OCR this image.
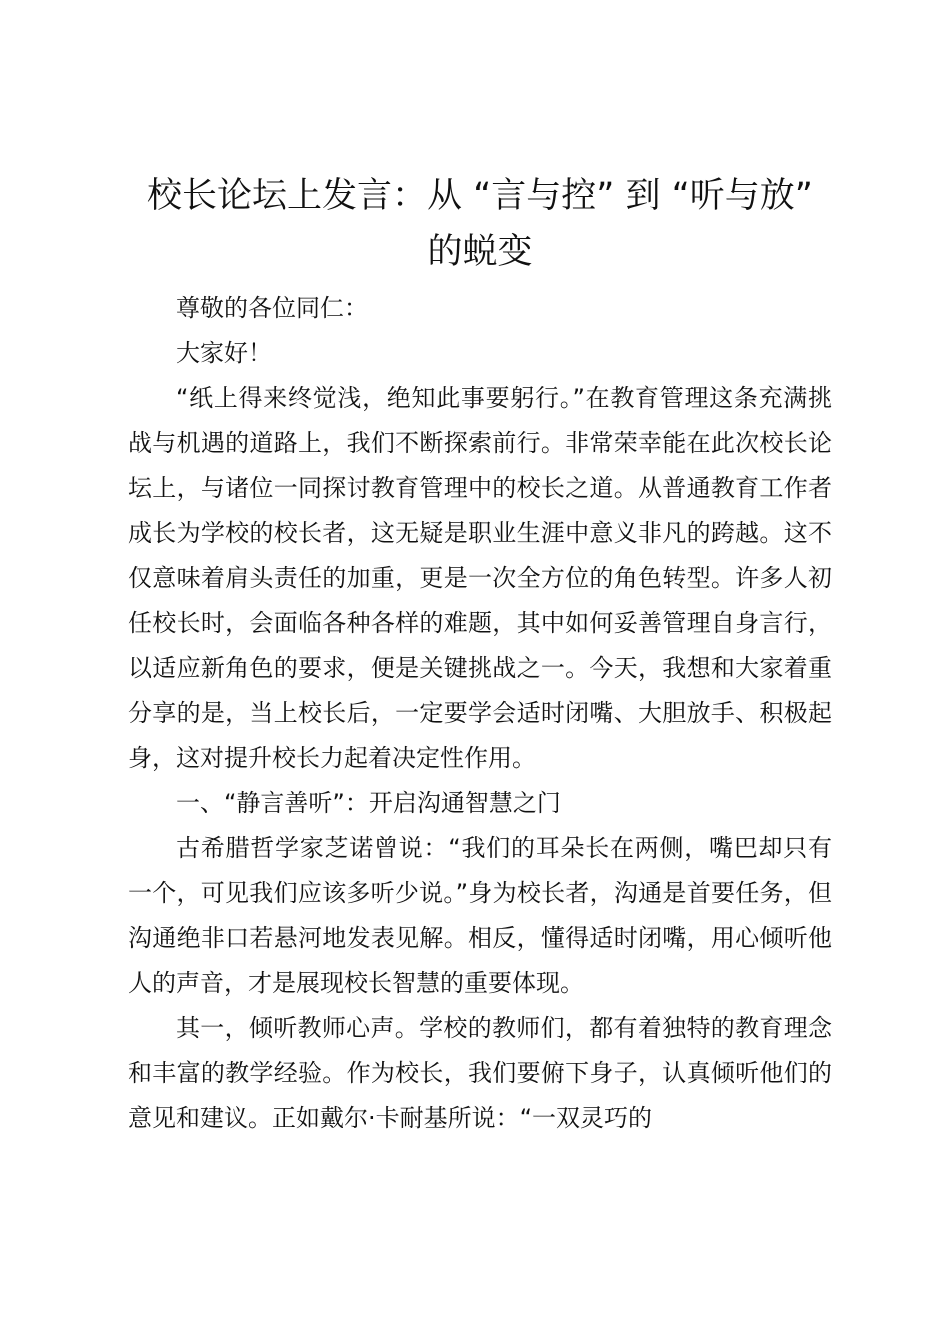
校长论坛上发言：从 “言与控” 到 “听与放” 的蜕变

尊敬的各位同仁：

大家好！

“纸上得来终觉浅，绝知此事要躬行。”在教育管理这条充满挑战与机遇的道路上，我们不断探索前行。非常荣幸能在此次校长论坛上，与诸位一同探讨教育管理中的校长之道。从普通教育工作者成长为学校的校长者，这无疑是职业生涯中意义非凡的跨越。这不仅意味着肩头责任的加重，更是一次全方位的角色转型。许多人初任校长时，会面临各种各样的难题，其中如何妥善管理自身言行，以适应新角色的要求，便是关键挑战之一。今天，我想和大家着重分享的是，当上校长后，一定要学会适时闭嘴、大胆放手、积极起身，这对提升校长力起着决定性作用。

一、“静言善听”：开启沟通智慧之门

古希腊哲学家芝诺曾说：“我们的耳朵长在两侧，嘴巴却只有一个，可见我们应该多听少说。”身为校长者，沟通是首要任务，但沟通绝非口若悬河地发表见解。相反，懂得适时闭嘴，用心倾听他人的声音，才是展现校长智慧的重要体现。

其一，倾听教师心声。学校的教师们，都有着独特的教育理念和丰富的教学经验。作为校长，我们要俯下身子，认真倾听他们的意见和建议。正如戴尔·卡耐基所说：“一双灵巧的
